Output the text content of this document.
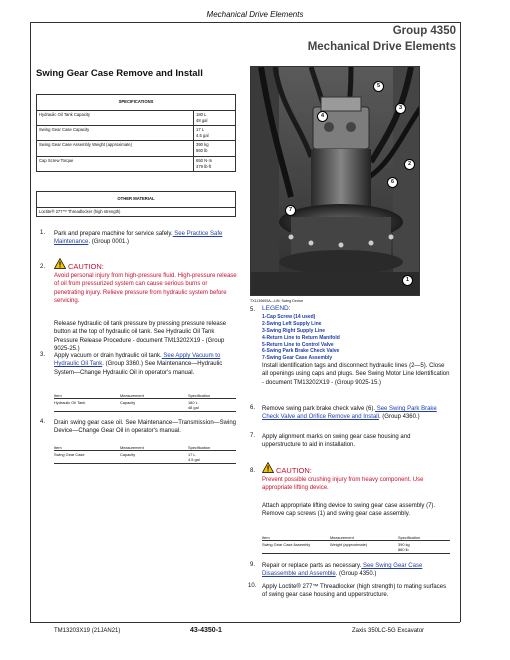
Mechanical Drive Elements
Group 4350
Mechanical Drive Elements
Swing Gear Case Remove and Install
SPECIFICATIONS	
Hydraulic Oil Tank Capacity	180 L
48 gal
Swing Gear Case Capacity	17 L
4.5 gal
Swing Gear Case Assembly Weight (approximate)	390 kg
860 lb
Cap Screw Torque	650 N·m
479 lb-ft
OTHER MATERIAL
Loctite® 277™ Threadlocker (high strength)
1. Park and prepare machine for service safely. See Practice Safe Maintenance. (Group 0001.)
2.	CAUTION:
Avoid personal injury from high-pressure fluid. High-pressure release of oil from pressurized system can cause serious burns or penetrating injury. Relieve pressure from hydraulic system before servicing.
Release hydraulic oil tank pressure by pressing pressure release button at the top of hydraulic oil tank. See Hydraulic Oil Tank Pressure Release Procedure - document TM13202X19 - (Group 9025-25.)
3. Apply vacuum or drain hydraulic oil tank. See Apply Vacuum to Hydraulic Oil Tank. (Group 3360.) See Maintenance—Hydraulic System—Change Hydraulic Oil in operator's manual.
Item	Measurement	Specification
Hydraulic Oil Tank	Capacity	180 L
48 gal
4. Drain swing gear case oil. See Maintenance—Transmission—Swing Device—Change Gear Oil in operator's manual.
Item	Measurement	Specification
Swing Gear Case	Capacity	17 L
4.5 gal
5
3
4
2
6
7
1
TX1139693A—UN: Swing Device
5. LEGEND:
1-Cap Screw (14 used)
2-Swing Left Supply Line
3-Swing Right Supply Line
4-Return Line to Return Manifold
5-Return Line to Control Valve
6-Swing Park Brake Check Valve
7-Swing Gear Case Assembly
Install identification tags and disconnect hydraulic lines (2—5). Close all openings using caps and plugs. See Swing Motor Line Identification - document TM13202X19 - (Group 9025-15.)
6. Remove swing park brake check valve (6). See Swing Park Brake Check Valve and Orifice Remove and Install. (Group 4360.)
7. Apply alignment marks on swing gear case housing and upperstructure to aid in installation.
8.	CAUTION:
Prevent possible crushing injury from heavy component. Use appropriate lifting device.
Attach appropriate lifting device to swing gear case assembly (7). Remove cap screws (1) and swing gear case assembly.
Item	Measurement	Specification
Swing Gear Case Assembly	Weight (approximate)	390 kg
860 lb
9. Repair or replace parts as necessary. See Swing Gear Case Disassemble and Assemble. (Group 4350.)
10. Apply Loctite® 277™ Threadlocker (high strength) to mating surfaces of swing gear case housing and upperstructure.
TM13203X19 (21JAN21)	43-4350-1	Zaxis 350LC-5G Excavator
